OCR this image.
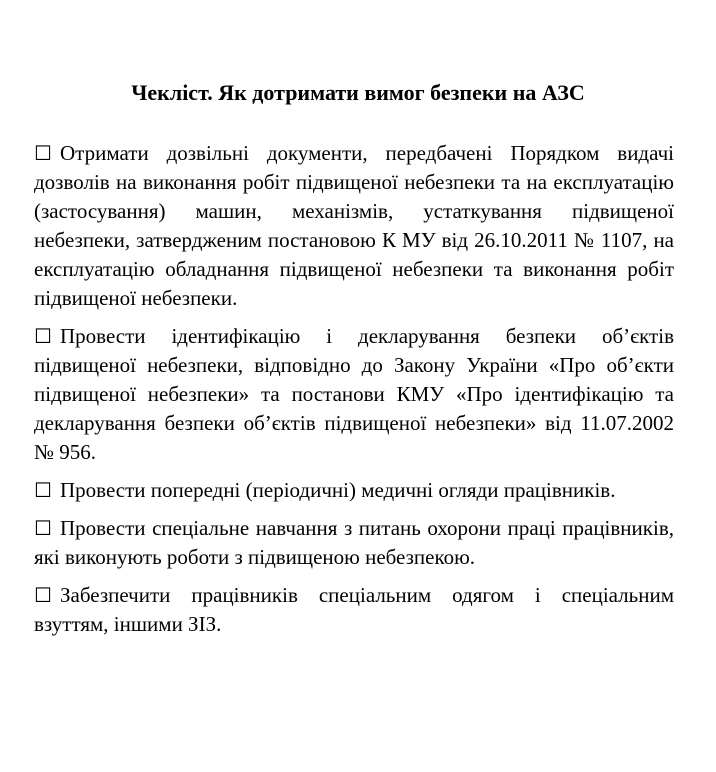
Чекліст. Як дотримати вимог безпеки на АЗС

☐ Отримати дозвільні документи, передбачені Порядком видачі дозволів на виконання робіт підвищеної небезпеки та на експлуатацію (застосування) машин, механізмів, устаткування підвищеної небезпеки, затвердженим постановою К МУ від 26.10.2011 № 1107, на експлуатацію обладнання підвищеної небезпеки та виконання робіт підвищеної небезпеки.

☐ Провести ідентифікацію і декларування безпеки об’єктів підвищеної небезпеки, відповідно до Закону України «Про об’єкти підвищеної небезпеки» та постанови КМУ «Про ідентифікацію та декларування безпеки об’єктів підвищеної небезпеки» від 11.07.2002 № 956.

☐ Провести попередні (періодичні) медичні огляди працівників.

☐ Провести спеціальне навчання з питань охорони праці працівників, які виконують роботи з підвищеною небезпекою.

☐ Забезпечити працівників спеціальним одягом і спеціальним взуттям, іншими ЗІЗ.
